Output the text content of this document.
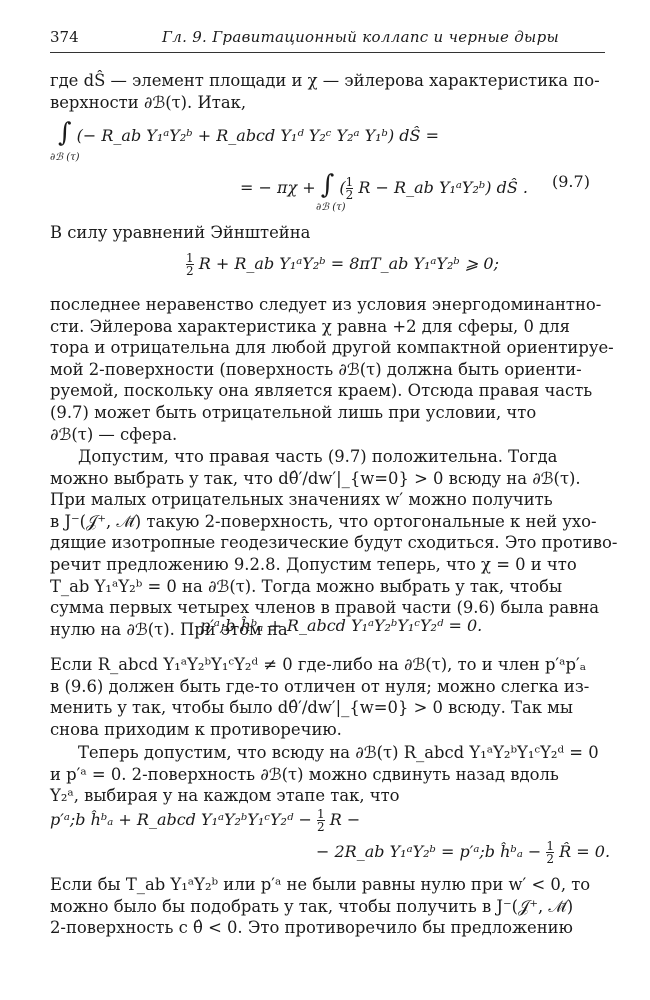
374	Гл. 9. Гравитационный коллапс и черные дыры
где dŜ — элемент площади и χ — эйлерова характеристика по-
верхности ∂ℬ(τ). Итак,
∫ (− R_ab Y₁ᵃY₂ᵇ + R_abcd Y₁ᵈ Y₂ᶜ Y₂ᵃ Y₁ᵇ) dŜ =
∂ℬ (τ)
= − πχ + ∫ ( $\frac{1}{2}$ R − R_ab Y₁ᵃY₂ᵇ) dŜ .
∂ℬ (τ)
(9.7)
В силу уравнений Эйнштейна
$\frac{1}{2}$ R + R_ab Y₁ᵃY₂ᵇ = 8πT_ab Y₁ᵃY₂ᵇ ⩾ 0;
последнее неравенство следует из условия энергодоминантно-
сти. Эйлерова характеристика χ равна +2 для сферы, 0 для
тора и отрицательна для любой другой компактной ориентируе-
мой 2-поверхности (поверхность ∂ℬ(τ) должна быть ориенти-
руемой, поскольку она является краем). Отсюда правая часть
(9.7) может быть отрицательной лишь при условии, что
∂ℬ(τ) — сфера.
Допустим, что правая часть (9.7) положительна. Тогда
можно выбрать y так, что dθ̂′/dw′|_{w=0} > 0 всюду на ∂ℬ(τ).
При малых отрицательных значениях w′ можно получить
в J⁻(𝒥⁺, ℳ̄) такую 2-поверхность, что ортогональные к ней ухо-
дящие изотропные геодезические будут сходиться. Это противо-
речит предложению 9.2.8. Допустим теперь, что χ = 0 и что
T_ab Y₁ᵃY₂ᵇ = 0 на ∂ℬ(τ). Тогда можно выбрать y так, чтобы
сумма первых четырех членов в правой части (9.6) была равна
нулю на ∂ℬ(τ). При этом на
p′ᵃ;b ĥᵇₐ + R_abcd Y₁ᵃY₂ᵇY₁ᶜY₂ᵈ = 0.
Если R_abcd Y₁ᵃY₂ᵇY₁ᶜY₂ᵈ ≠ 0 где-либо на ∂ℬ(τ), то и член p′ᵃp′ₐ
в (9.6) должен быть где-то отличен от нуля; можно слегка из-
менить y так, чтобы было dθ̂′/dw′|_{w=0} > 0 всюду. Так мы
снова приходим к противоречию.
Теперь допустим, что всюду на ∂ℬ(τ) R_abcd Y₁ᵃY₂ᵇY₁ᶜY₂ᵈ = 0
и p′ᵃ = 0. 2-поверхность ∂ℬ(τ) можно сдвинуть назад вдоль
Y₂ᵃ, выбирая y на каждом этапе так, что
p′ᵃ;b ĥᵇₐ + R_abcd Y₁ᵃY₂ᵇY₁ᶜY₂ᵈ − $\frac{1}{2}$ R −
− 2R_ab Y₁ᵃY₂ᵇ = p′ᵃ;b ĥᵇₐ − $\frac{1}{2}$ R̂ = 0.
Если бы T_ab Y₁ᵃY₂ᵇ или p′ᵃ не были равны нулю при w′ < 0, то
можно было бы подобрать y так, чтобы получить в J⁻(𝒥⁺, ℳ̄)
2-поверхность с θ̂ < 0. Это противоречило бы предложению
